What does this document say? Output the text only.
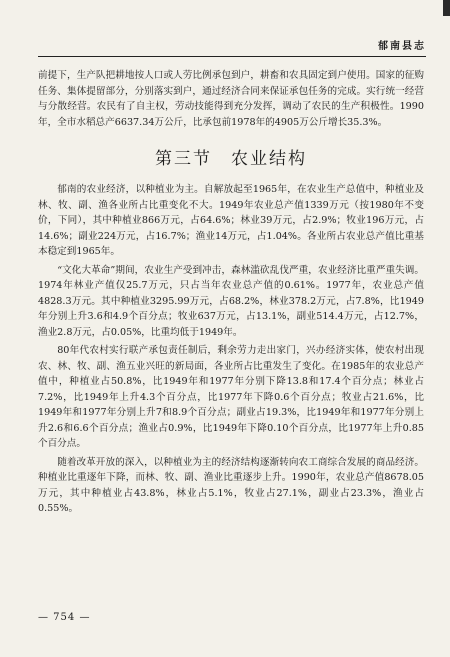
郁南县志

前提下，生产队把耕地按人口或人劳比例承包到户，耕畜和农具固定到户使用。国家的征购任务、集体提留部分，分别落实到户，通过经济合同来保证承包任务的完成。实行统一经营与分散经营。农民有了自主权，劳动技能得到充分发挥，调动了农民的生产积极性。1990年，全市水稻总产6637.34万公斤，比承包前1978年的4905万公斤增长35.3%。

第三节　农业结构

郁南的农业经济，以种植业为主。自解放起至1965年，在农业生产总值中，种植业及林、牧、副、渔各业所占比重变化不大。1949年农业总产值1339万元（按1980年不变价，下同），其中种植业866万元，占64.6%；林业39万元，占2.9%；牧业196万元，占14.6%；副业224万元，占16.7%；渔业14万元，占1.04%。各业所占农业总产值比重基本稳定到1965年。

“文化大革命”期间，农业生产受到冲击，森林滥砍乱伐严重，农业经济比重严重失调。1974年林业产值仅25.7万元，只占当年农业总产值的0.61%。1977年，农业总产值4828.3万元。其中种植业3295.99万元，占68.2%，林业378.2万元，占7.8%，比1949年分别上升3.6和4.9个百分点；牧业637万元，占13.1%，副业514.4万元，占12.7%，渔业2.8万元，占0.05%，比重均低于1949年。

80年代农村实行联产承包责任制后，剩余劳力走出家门，兴办经济实体，使农村出现农、林、牧、副、渔五业兴旺的新局面，各业所占比重发生了变化。在1985年的农业总产值中，种植业占50.8%，比1949年和1977年分别下降13.8和17.4个百分点；林业占7.2%，比1949年上升4.3个百分点，比1977年下降0.6个百分点；牧业占21.6%，比1949年和1977年分别上升7和8.9个百分点；副业占19.3%，比1949年和1977年分别上升2.6和6.6个百分点；渔业占0.9%，比1949年下降0.10个百分点，比1977年上升0.85个百分点。

随着改革开放的深入，以种植业为主的经济结构逐渐转向农工商综合发展的商品经济。种植业比重逐年下降，而林、牧、副、渔业比重逐步上升。1990年，农业总产值8678.05万元，其中种植业占43.8%，林业占5.1%，牧业占27.1%，副业占23.3%，渔业占0.55%。

— 754 —
